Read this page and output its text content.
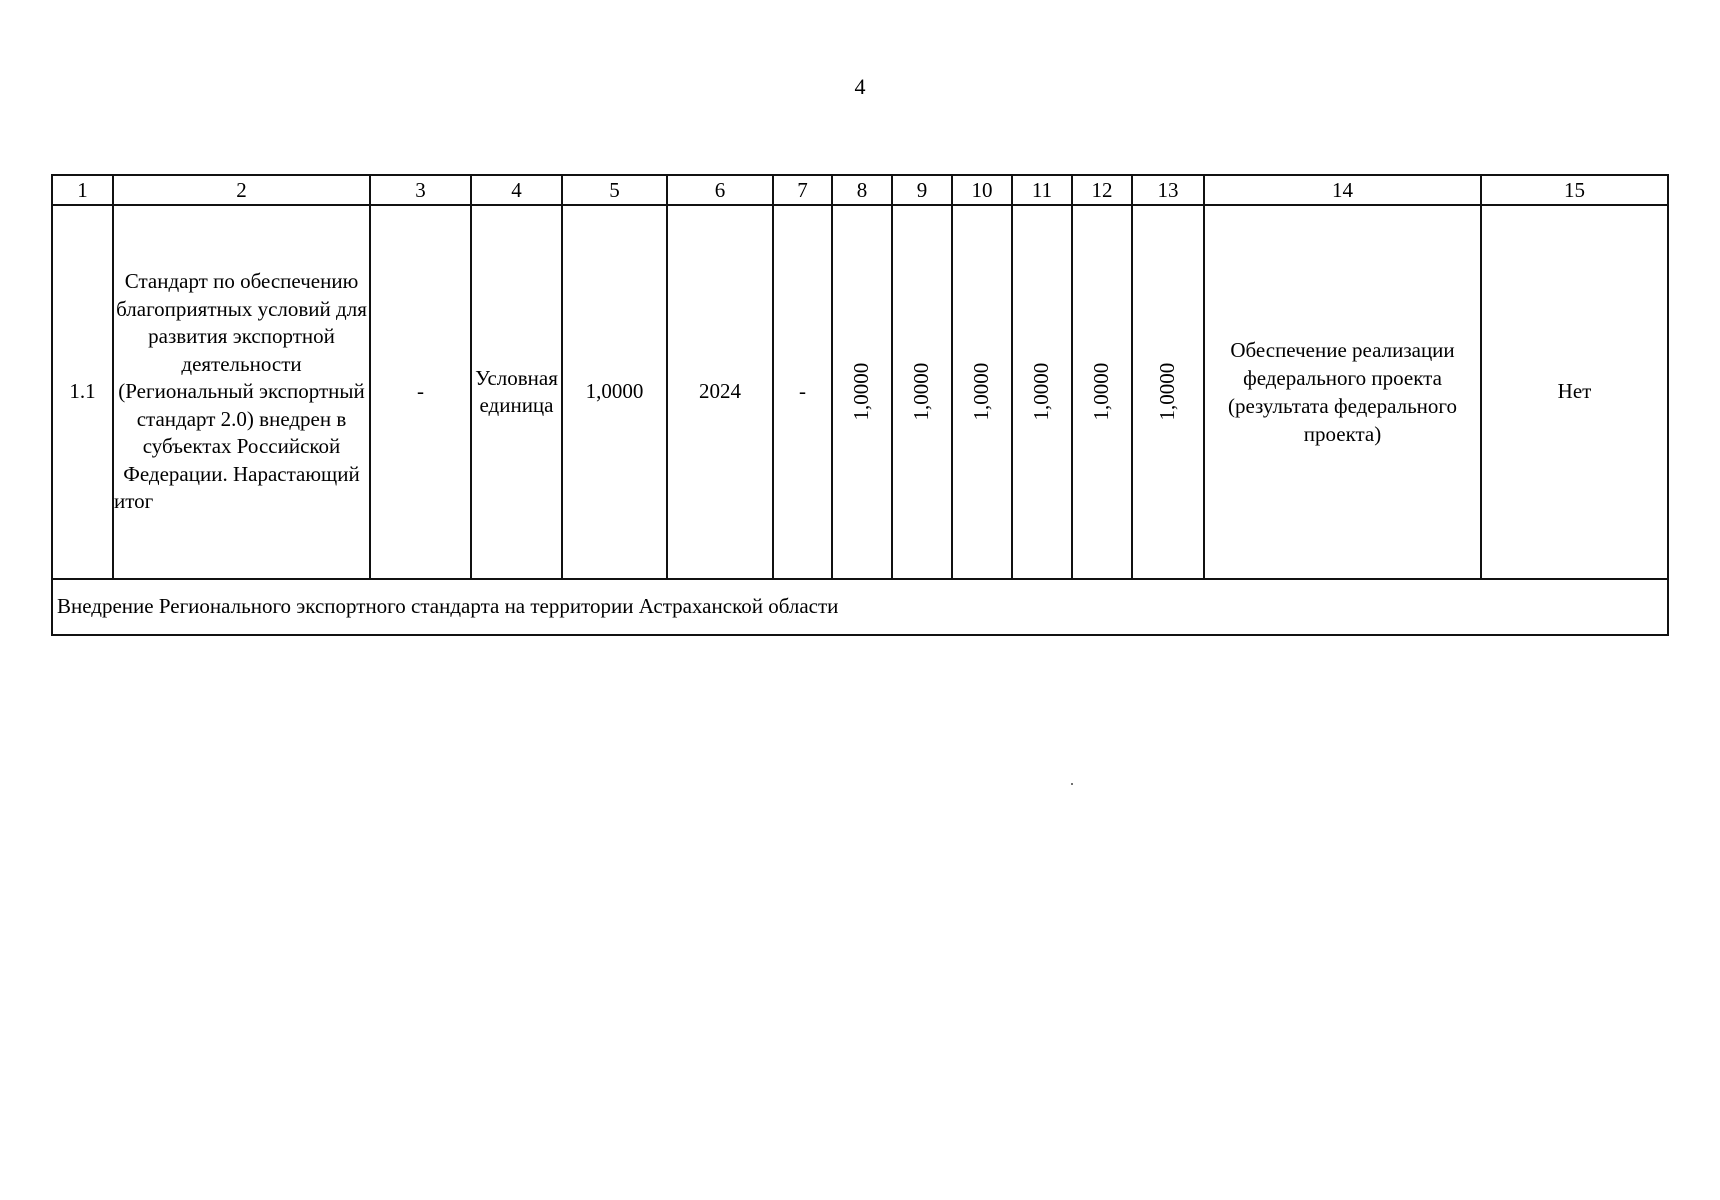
4
1	2	3	4	5	6	7	8	9	10	11	12	13	14	15
1.1	Стандарт по обеспечению благоприятных условий для развития экспортной деятельности (Региональный экспортный стандарт 2.0) внедрен в субъектах Российской Федерации. Нарастающий итог	-	Условная единица	1,0000	2024	-	1,0000	1,0000	1,0000	1,0000	1,0000	1,0000	Обеспечение реализации федерального проекта (результата федерального проекта)	Нет
Внедрение Регионального экспортного стандарта на территории Астраханской области														
